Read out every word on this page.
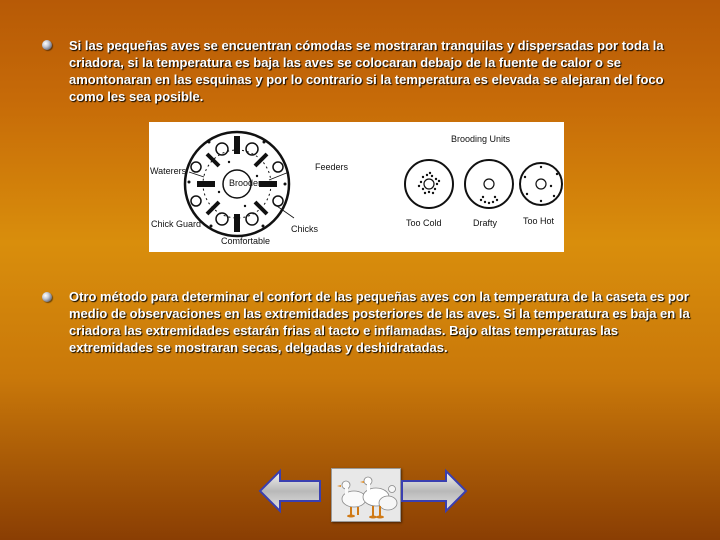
Si las pequeñas aves se encuentran cómodas se mostraran tranquilas y dispersadas por toda la criadora, si la temperatura es baja las aves se colocaran debajo de la fuente de calor o se amontonaran en las esquinas y por lo contrario si la temperatura es elevada se alejaran del foco como les sea posible.

Brooder
Waterers	Feeders
Chick Guard	Chicks
Comfortable
Brooding Units
Too Cold	Drafty	Too Hot

Otro método para determinar el confort de las pequeñas aves con la temperatura de la caseta es por medio de observaciones en las extremidades posteriores de las aves. Si la temperatura es baja en la criadora las extremidades estarán frias al tacto e inflamadas. Bajo altas temperaturas las extremidades se mostraran secas, delgadas y deshidratadas.
